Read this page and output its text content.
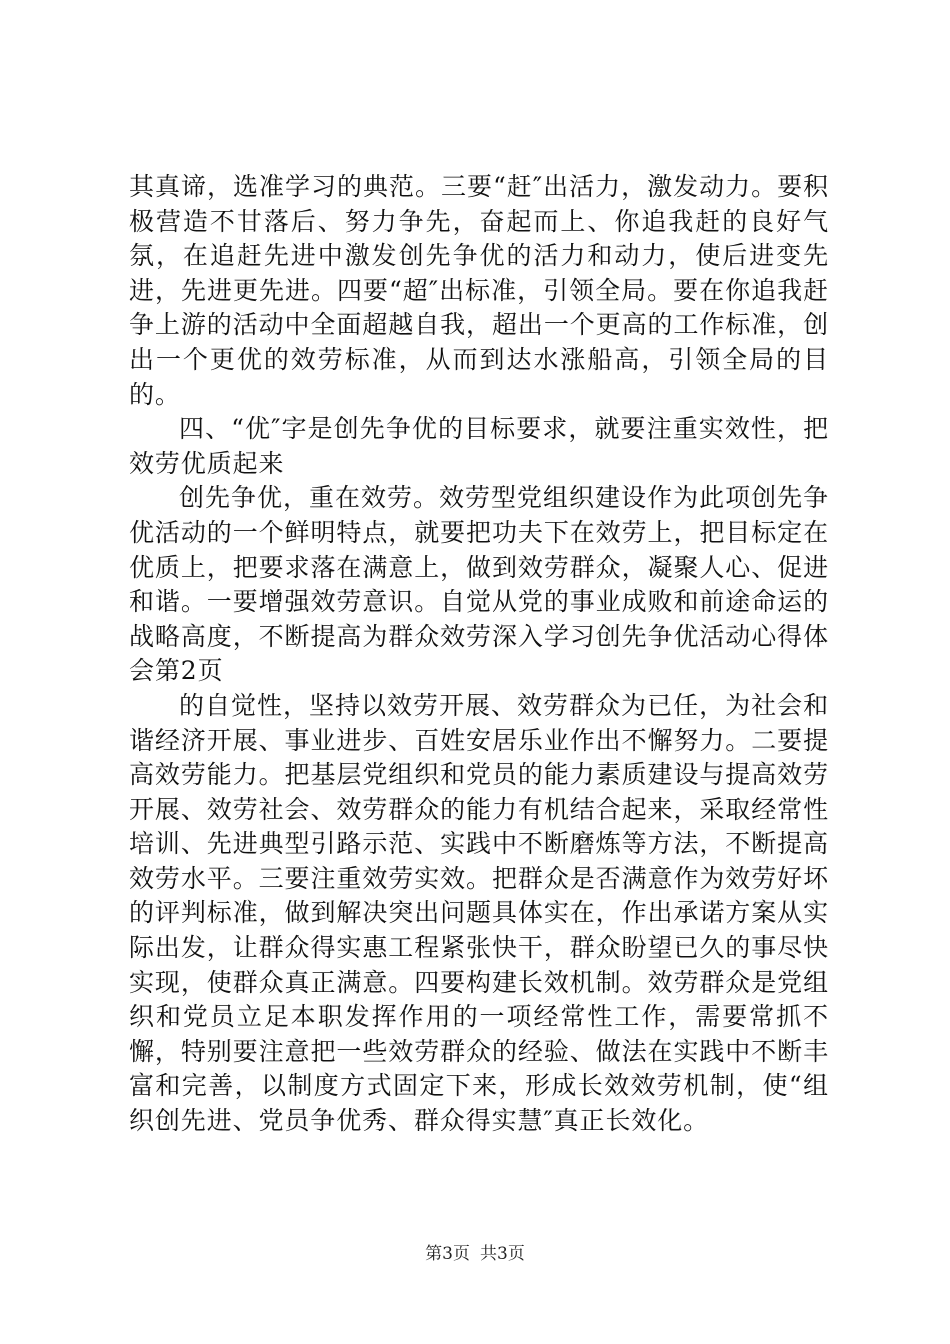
其真谛，选准学习的典范。三要“赶″出活力，激发动力。要积极营造不甘落后、努力争先，奋起而上、你追我赶的良好气氛，在追赶先进中激发创先争优的活力和动力，使后进变先进，先进更先进。四要“超″出标准，引领全局。要在你追我赶争上游的活动中全面超越自我，超出一个更高的工作标准，创出一个更优的效劳标准，从而到达水涨船高，引领全局的目的。

四、“优″字是创先争优的目标要求，就要注重实效性，把效劳优质起来

创先争优，重在效劳。效劳型党组织建设作为此项创先争优活动的一个鲜明特点，就要把功夫下在效劳上，把目标定在优质上，把要求落在满意上，做到效劳群众，凝聚人心、促进和谐。一要增强效劳意识。自觉从党的事业成败和前途命运的战略高度，不断提高为群众效劳深入学习创先争优活动心得体会第2页

的自觉性，坚持以效劳开展、效劳群众为已任，为社会和谐经济开展、事业进步、百姓安居乐业作出不懈努力。二要提高效劳能力。把基层党组织和党员的能力素质建设与提高效劳开展、效劳社会、效劳群众的能力有机结合起来，采取经常性培训、先进典型引路示范、实践中不断磨炼等方法，不断提高效劳水平。三要注重效劳实效。把群众是否满意作为效劳好坏的评判标准，做到解决突出问题具体实在，作出承诺方案从实际出发，让群众得实惠工程紧张快干，群众盼望已久的事尽快实现，使群众真正满意。四要构建长效机制。效劳群众是党组织和党员立足本职发挥作用的一项经常性工作，需要常抓不懈，特别要注意把一些效劳群众的经验、做法在实践中不断丰富和完善，以制度方式固定下来，形成长效效劳机制，使“组织创先进、党员争优秀、群众得实慧″真正长效化。

第3页 共3页
